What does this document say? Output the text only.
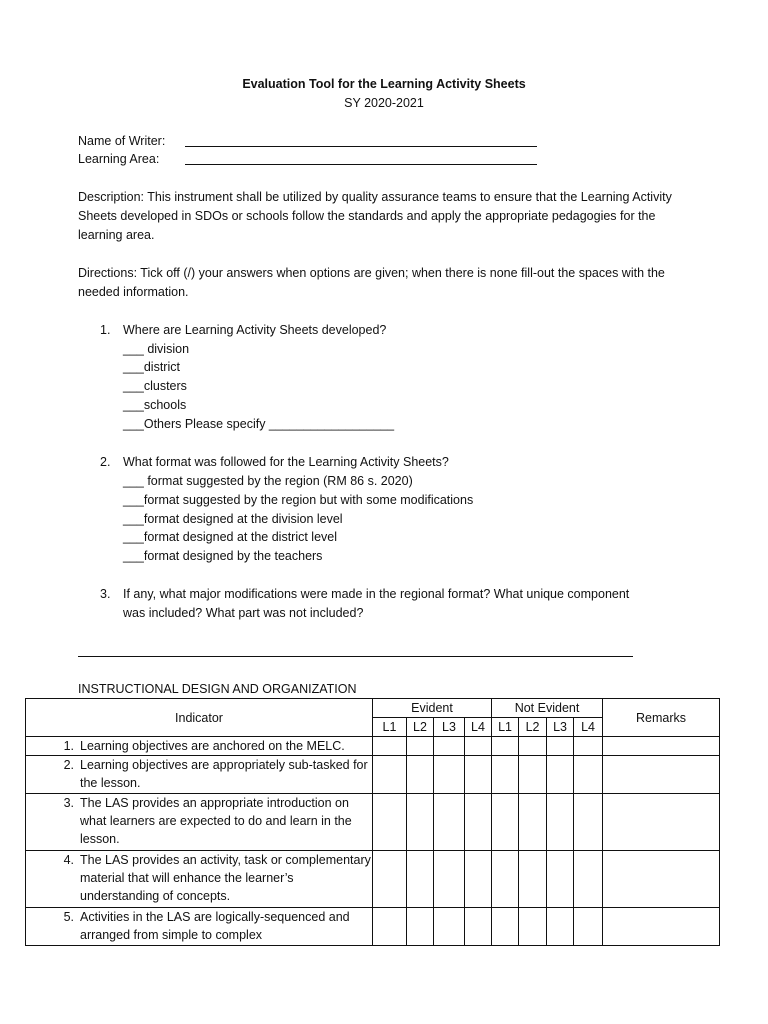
Evaluation Tool for the Learning Activity Sheets
SY 2020-2021
Name of Writer:
Learning Area:
Description: This instrument shall be utilized by quality assurance teams to ensure that the Learning Activity Sheets developed in SDOs or schools follow the standards and apply the appropriate pedagogies for the learning area.
Directions: Tick off (/) your answers when options are given; when there is none fill-out the spaces with the needed information.
1. Where are Learning Activity Sheets developed?
___ division
___district
___clusters
___schools
___Others Please specify __________________
2. What format was followed for the Learning Activity Sheets?
___ format suggested by the region (RM 86 s. 2020)
___format suggested by the region but with some modifications
___format designed at the division level
___format designed at the district level
___format designed by the teachers
3. If any, what major modifications were made in the regional format? What unique component was included? What part was not included?
INSTRUCTIONAL DESIGN AND ORGANIZATION
Indicator	Evident				Not Evident				Remarks
	L1	L2	L3	L4	L1	L2	L3	L4	

1. Learning objectives are anchored on the MELC.									

2. Learning objectives are appropriately sub-tasked for the lesson.									

3. The LAS provides an appropriate introduction on what learners are expected to do and learn in the lesson.									

4. The LAS provides an activity, task or complementary material that will enhance the learner’s understanding of concepts.									

5. Activities in the LAS are logically-sequenced and arranged from simple to complex									
